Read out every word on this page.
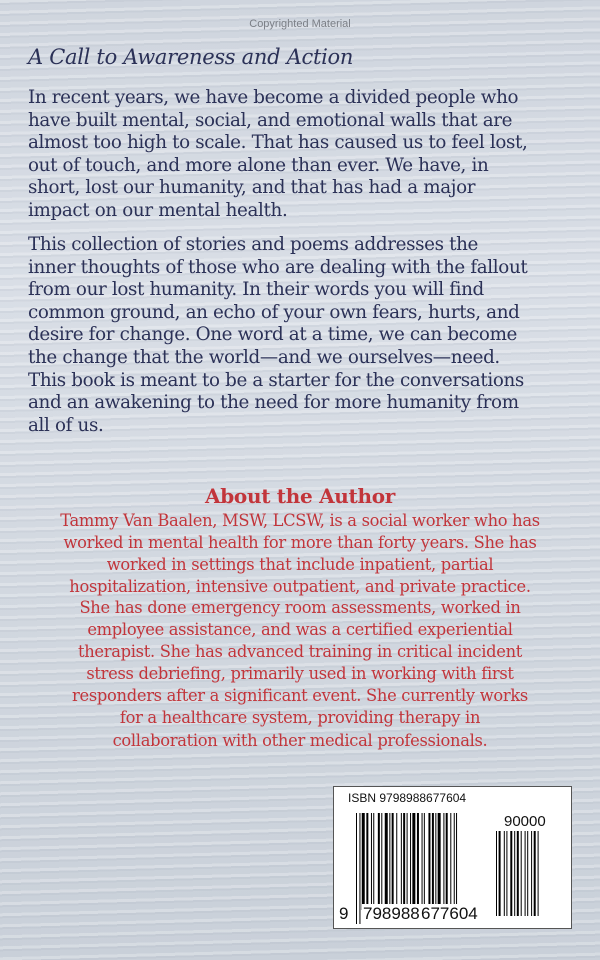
Copyrighted Material
A Call to Awareness and Action
In recent years, we have become a divided people who
have built mental, social, and emotional walls that are
almost too high to scale. That has caused us to feel lost,
out of touch, and more alone than ever. We have, in
short, lost our humanity, and that has had a major
impact on our mental health.
This collection of stories and poems addresses the
inner thoughts of those who are dealing with the fallout
from our lost humanity. In their words you will find
common ground, an echo of your own fears, hurts, and
desire for change. One word at a time, we can become
the change that the world—and we ourselves—need.
This book is meant to be a starter for the conversations
and an awakening to the need for more humanity from
all of us.
About the Author
Tammy Van Baalen, MSW, LCSW, is a social worker who has
worked in mental health for more than forty years. She has
worked in settings that include inpatient, partial
hospitalization, intensive outpatient, and private practice.
She has done emergency room assessments, worked in
employee assistance, and was a certified experiential
therapist. She has advanced training in critical incident
stress debriefing, primarily used in working with first
responders after a significant event. She currently works
for a healthcare system, providing therapy in
collaboration with other medical professionals.
ISBN 9798988677604
90000
9 798988 677604
